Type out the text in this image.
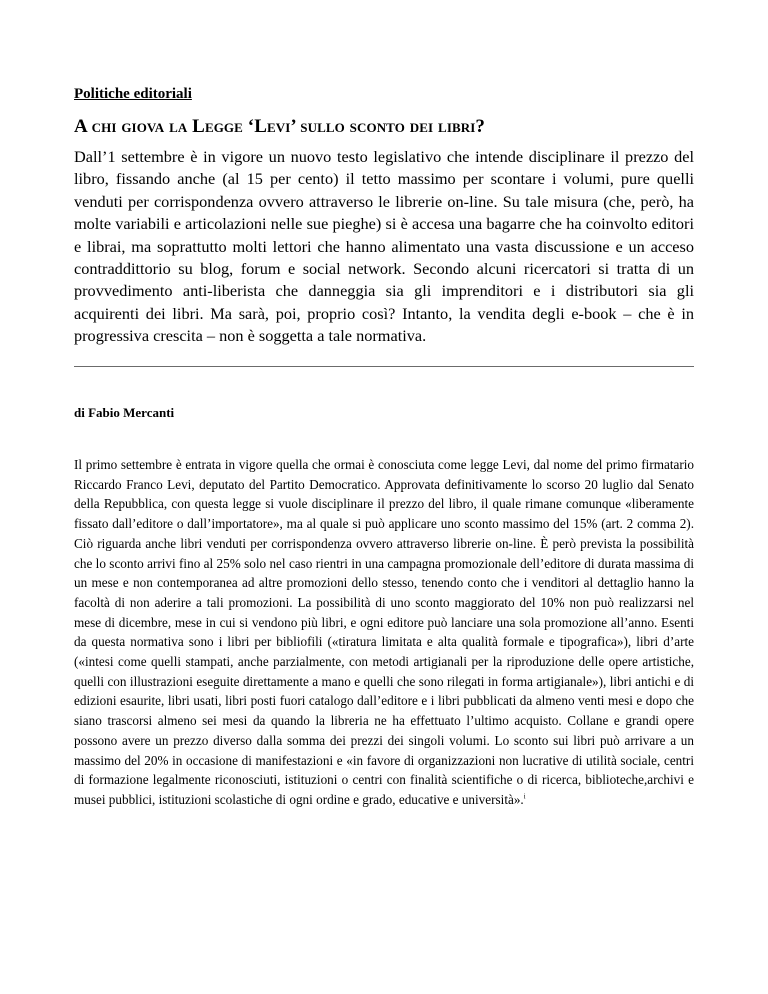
Politiche editoriali
A chi giova la Legge ‘Levi’ sullo sconto dei libri?

Dall’1 settembre è in vigore un nuovo testo legislativo che intende disciplinare il prezzo del libro, fissando anche (al 15 per cento) il tetto massimo per scontare i volumi, pure quelli venduti per corrispondenza ovvero attraverso le librerie on-line. Su tale misura (che, però, ha molte variabili e articolazioni nelle sue pieghe) si è accesa una bagarre che ha coinvolto editori e librai, ma soprattutto molti lettori che hanno alimentato una vasta discussione e un acceso contraddittorio su blog, forum e social network. Secondo alcuni ricercatori si tratta di un provvedimento anti-liberista che danneggia sia gli imprenditori e i distributori sia gli acquirenti dei libri. Ma sarà, poi, proprio così? Intanto, la vendita degli e-book – che è in progressiva crescita – non è soggetta a tale normativa.

di Fabio Mercanti

Il primo settembre è entrata in vigore quella che ormai è conosciuta come legge Levi, dal nome del primo firmatario Riccardo Franco Levi, deputato del Partito Democratico. Approvata definitivamente lo scorso 20 luglio dal Senato della Repubblica, con questa legge si vuole disciplinare il prezzo del libro, il quale rimane comunque «liberamente fissato dall’editore o dall’importatore», ma al quale si può applicare uno sconto massimo del 15% (art. 2 comma 2). Ciò riguarda anche libri venduti per corrispondenza ovvero attraverso librerie on-line. È però prevista la possibilità che lo sconto arrivi fino al 25% solo nel caso rientri in una campagna promozionale dell’editore di durata massima di un mese e non contemporanea ad altre promozioni dello stesso, tenendo conto che i venditori al dettaglio hanno la facoltà di non aderire a tali promozioni. La possibilità di uno sconto maggiorato del 10% non può realizzarsi nel mese di dicembre, mese in cui si vendono più libri, e ogni editore può lanciare una sola promozione all’anno. Esenti da questa normativa sono i libri per bibliofili («tiratura limitata e alta qualità formale e tipografica»), libri d’arte («intesi come quelli stampati, anche parzialmente, con metodi artigianali per la riproduzione delle opere artistiche, quelli con illustrazioni eseguite direttamente a mano e quelli che sono rilegati in forma artigianale»), libri antichi e di edizioni esaurite, libri usati, libri posti fuori catalogo dall’editore e i libri pubblicati da almeno venti mesi e dopo che siano trascorsi almeno sei mesi da quando la libreria ne ha effettuato l’ultimo acquisto. Collane e grandi opere possono avere un prezzo diverso dalla somma dei prezzi dei singoli volumi. Lo sconto sui libri può arrivare a un massimo del 20% in occasione di manifestazioni e «in favore di organizzazioni non lucrative di utilità sociale, centri di formazione legalmente riconosciuti, istituzioni o centri con finalità scientifiche o di ricerca, biblioteche,archivi e musei pubblici, istituzioni scolastiche di ogni ordine e grado, educative e università».$^i$
